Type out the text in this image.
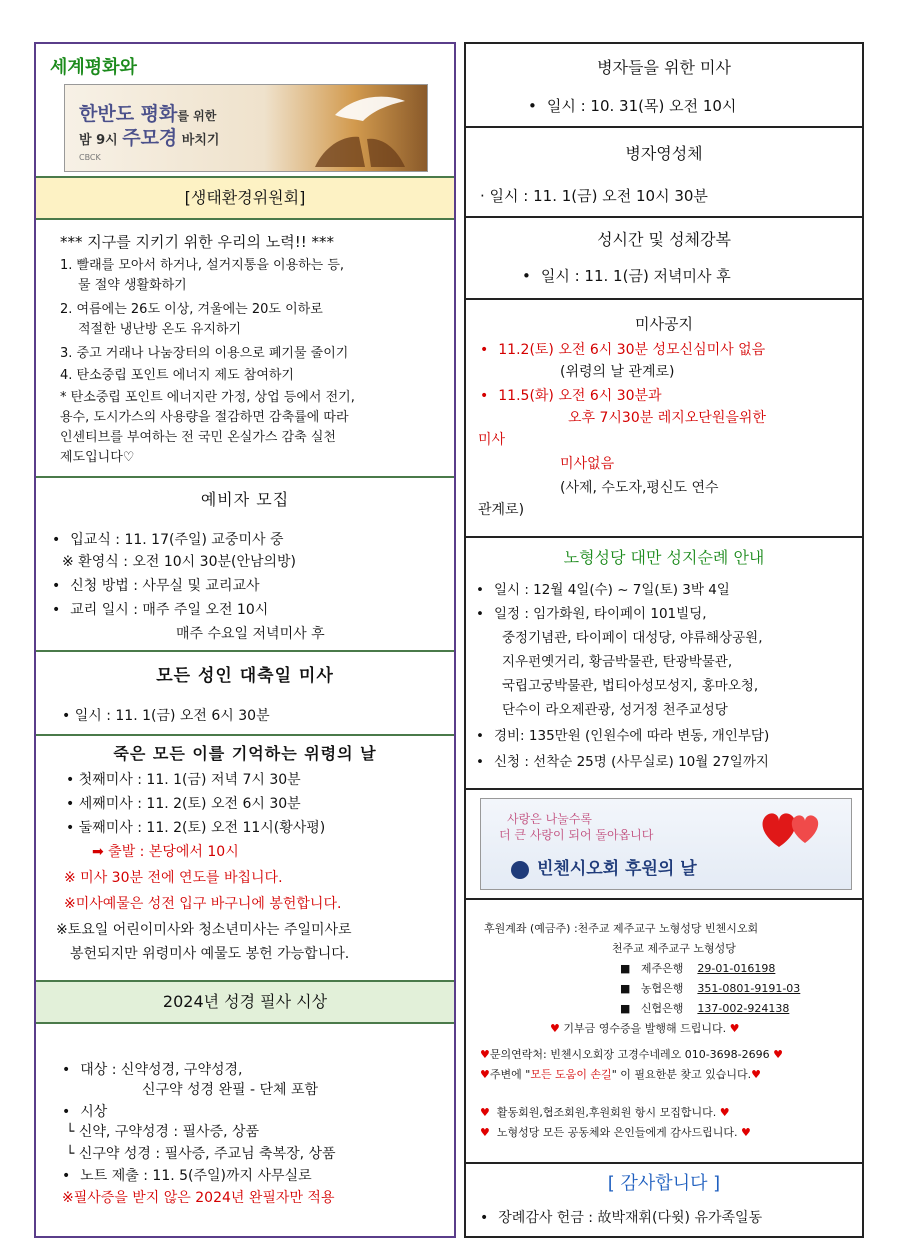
세계평화와
한반도 평화를 위한
밤 9시 주모경 바치기
CBCK
[생태환경위원회]
*** 지구를 지키기 위한 우리의 노력!! ***
1. 빨래를 모아서 하거나, 설거지통을 이용하는 등,
물 절약 생활화하기
2. 여름에는 26도 이상, 겨울에는 20도 이하로
적절한 냉난방 온도 유지하기
3. 중고 거래나 나눔장터의 이용으로 폐기물 줄이기
4. 탄소중립 포인트 에너지 제도 참여하기
* 탄소중립 포인트 에너지란 가정, 상업 등에서 전기,
용수, 도시가스의 사용량을 절감하면 감축률에 따라
인센티브를 부여하는 전 국민 온실가스 감축 실천
제도입니다♡
예비자 모집
• 입교식 : 11. 17(주일) 교중미사 중
※ 환영식 : 오전 10시 30분(안남의방)
• 신청 방법 : 사무실 및 교리교사
• 교리 일시 : 매주 주일 오전 10시
매주 수요일 저녁미사 후
모든 성인 대축일 미사
• 일시 : 11. 1(금) 오전 6시 30분
죽은 모든 이를 기억하는 위령의 날
• 첫째미사 : 11. 1(금) 저녁 7시 30분
• 세째미사 : 11. 2(토) 오전 6시 30분
• 둘째미사 : 11. 2(토) 오전 11시(황사평)
➡ 출발 : 본당에서 10시
※ 미사 30분 전에 연도를 바칩니다.
※미사예물은 성전 입구 바구니에 봉헌합니다.
※토요일 어린이미사와 청소년미사는 주일미사로
봉헌되지만 위령미사 예물도 봉헌 가능합니다.
2024년 성경 필사 시상
• 대상 : 신약성경, 구약성경,
신구약 성경 완필 - 단체 포함
• 시상
└ 신약, 구약성경 : 필사증, 상품
└ 신구약 성경 : 필사증, 주교님 축복장, 상품
• 노트 제출 : 11. 5(주일)까지 사무실로
※필사증을 받지 않은 2024년 완필자만 적용
병자들을 위한 미사
• 일시 : 10. 31(목) 오전 10시
병자영성체
· 일시 : 11. 1(금) 오전 10시 30분
성시간 및 성체강복
• 일시 : 11. 1(금) 저녁미사 후
미사공지
• 11.2(토) 오전 6시 30분 성모신심미사 없음
(위령의 날 관계로)
• 11.5(화) 오전 6시 30분과
오후 7시30분 레지오단원을위한
미사
미사없음
(사제, 수도자,평신도 연수
관계로)
노형성당 대만 성지순례 안내
• 일시 : 12월 4일(수) ~ 7일(토) 3박 4일
• 일정 : 임가화원, 타이페이 101빌딩,
중정기념관, 타이페이 대성당, 야류해상공원,
지우펀옛거리, 황금박물관, 탄광박물관,
국립고궁박물관, 법티아성모성지, 홍마오청,
단수이 라오제관광, 성거정 천주교성당
• 경비: 135만원 (인원수에 따라 변동, 개인부담)
• 신청 : 선착순 25명 (사무실로) 10월 27일까지
사랑은 나눌수록
더 큰 사랑이 되어 돌아옵니다
빈첸시오회 후원의 날
후원계좌 (예금주) :천주교 제주교구 노형성당 빈첸시오회
천주교 제주교구 노형성당
■   제주은행 29-01-016198
■   농협은행 351-0801-9191-03
■   신협은행 137-002-924138
♥ 기부금 영수증을 발행해 드립니다. ♥
♥문의연락처: 빈첸시오회장 고경수네레오 010-3698-2696 ♥
♥주변에 "모든 도움이 손길" 이 필요한분 찾고 있습니다.♥
♥ 활동회원,협조회원,후원회원 항시 모집합니다. ♥
♥ 노형성당 모든 공동체와 은인들에게 감사드립니다. ♥
[ 감사합니다 ]
• 장례감사 헌금 : 故박재휘(다윗) 유가족일동
